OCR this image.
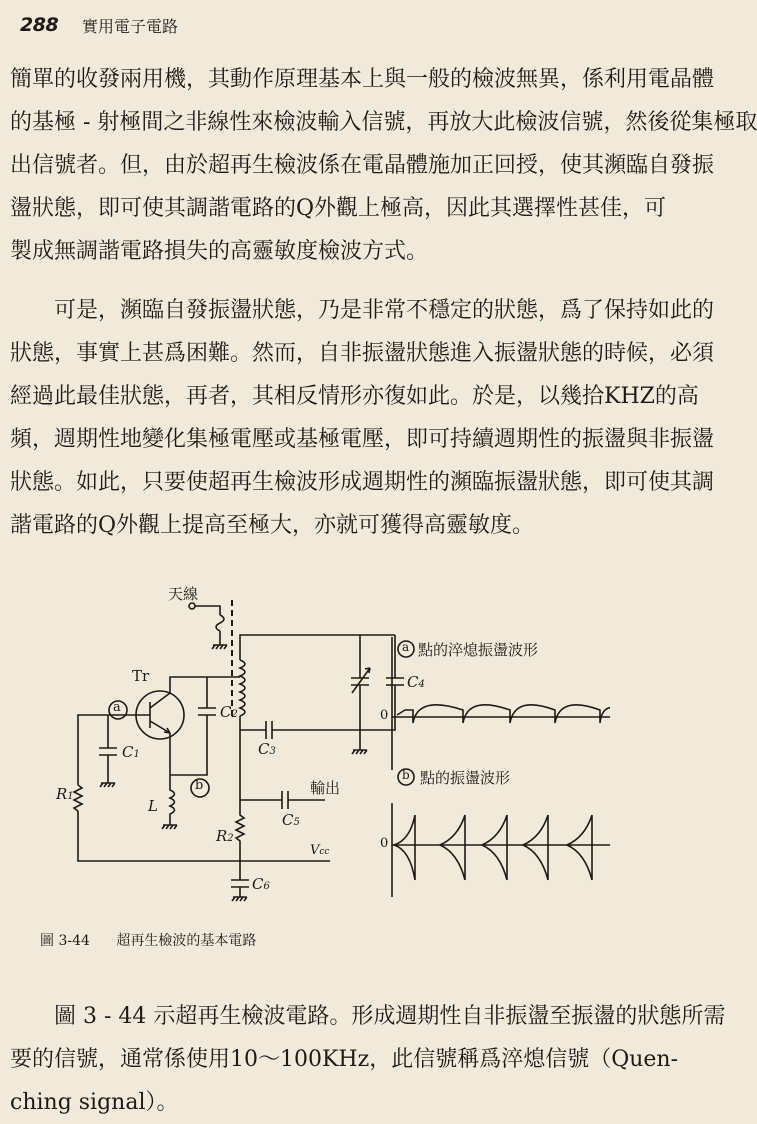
288 實用電子電路

簡單的收發兩用機，其動作原理基本上與一般的檢波無異，係利用電晶體
的基極 - 射極間之非線性來檢波輸入信號，再放大此檢波信號，然後從集極取
出信號者。但，由於超再生檢波係在電晶體施加正回授，使其瀕臨自發振
盪狀態，即可使其調諧電路的Q外觀上極高，因此其選擇性甚佳，可
製成無調諧電路損失的高靈敏度檢波方式。

可是，瀕臨自發振盪狀態，乃是非常不穩定的狀態，爲了保持如此的
狀態，事實上甚爲困難。然而，自非振盪狀態進入振盪狀態的時候，必須
經過此最佳狀態，再者，其相反情形亦復如此。於是，以幾拾KHZ的高
頻，週期性地變化集極電壓或基極電壓，即可持續週期性的振盪與非振盪
狀態。如此，只要使超再生檢波形成週期性的瀕臨振盪狀態，即可使其調
諧電路的Q外觀上提高至極大，亦就可獲得高靈敏度。

天線
Tr
a
b
C1
C2
C3
C4
C5
C6
R1
R2
L
輸出
Vcc
a 點的淬熄振盪波形
0
b 點的振盪波形
0
圖 3-44 超再生檢波的基本電路

圖 3 - 44 示超再生檢波電路。形成週期性自非振盪至振盪的狀態所需
要的信號，通常係使用10～100KHz，此信號稱爲淬熄信號（Quen-
ching signal）。
